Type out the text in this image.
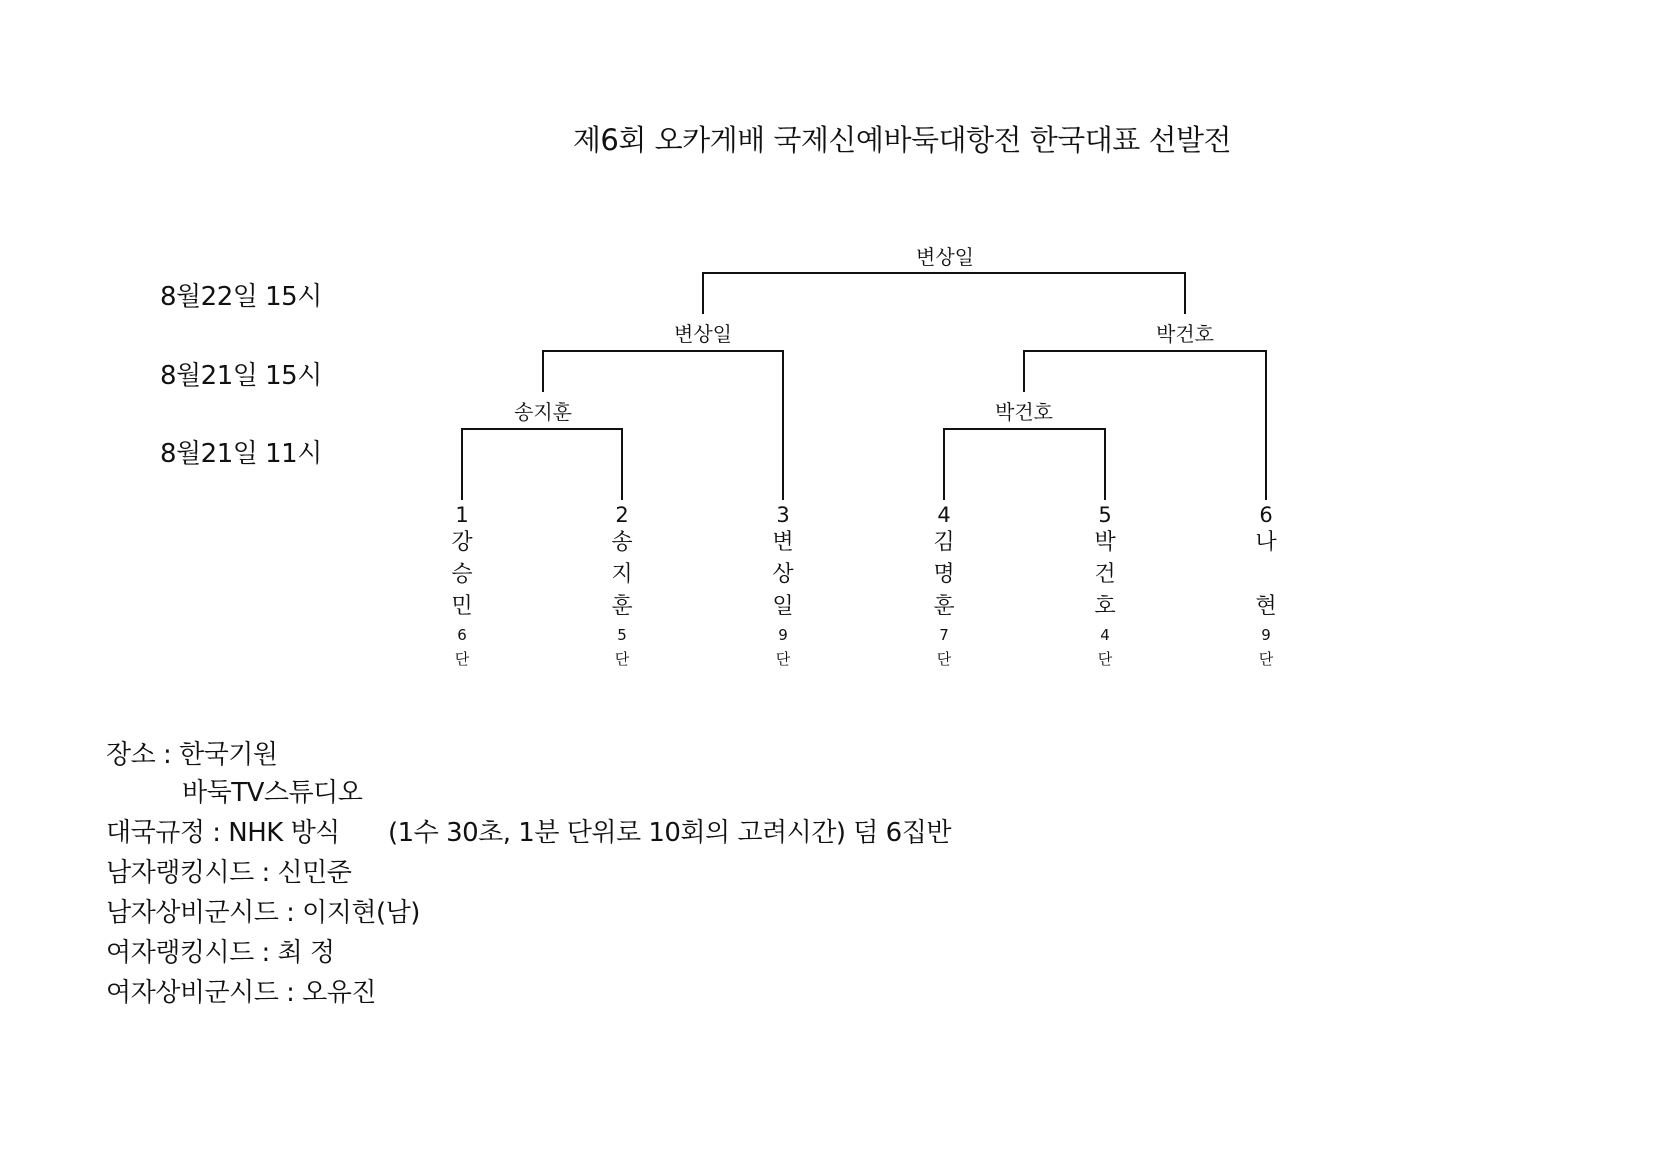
제6회 오카게배 국제신예바둑대항전 한국대표 선발전
8월22일 15시
8월21일 15시
8월21일 11시
변상일
변상일	박건호
송지훈	박건호
1
강
승
민
6
단
2
송
지
훈
5
단
3
변
상
일
9
단
4
김
명
훈
7
단
5
박
건
호
4
단
6
나
현
9
단
장소 : 한국기원
바둑TV스튜디오
대국규정 : NHK 방식 (1수 30초, 1분 단위로 10회의 고려시간) 덤 6집반
남자랭킹시드 : 신민준
남자상비군시드 : 이지현(남)
여자랭킹시드 : 최 정
여자상비군시드 : 오유진
